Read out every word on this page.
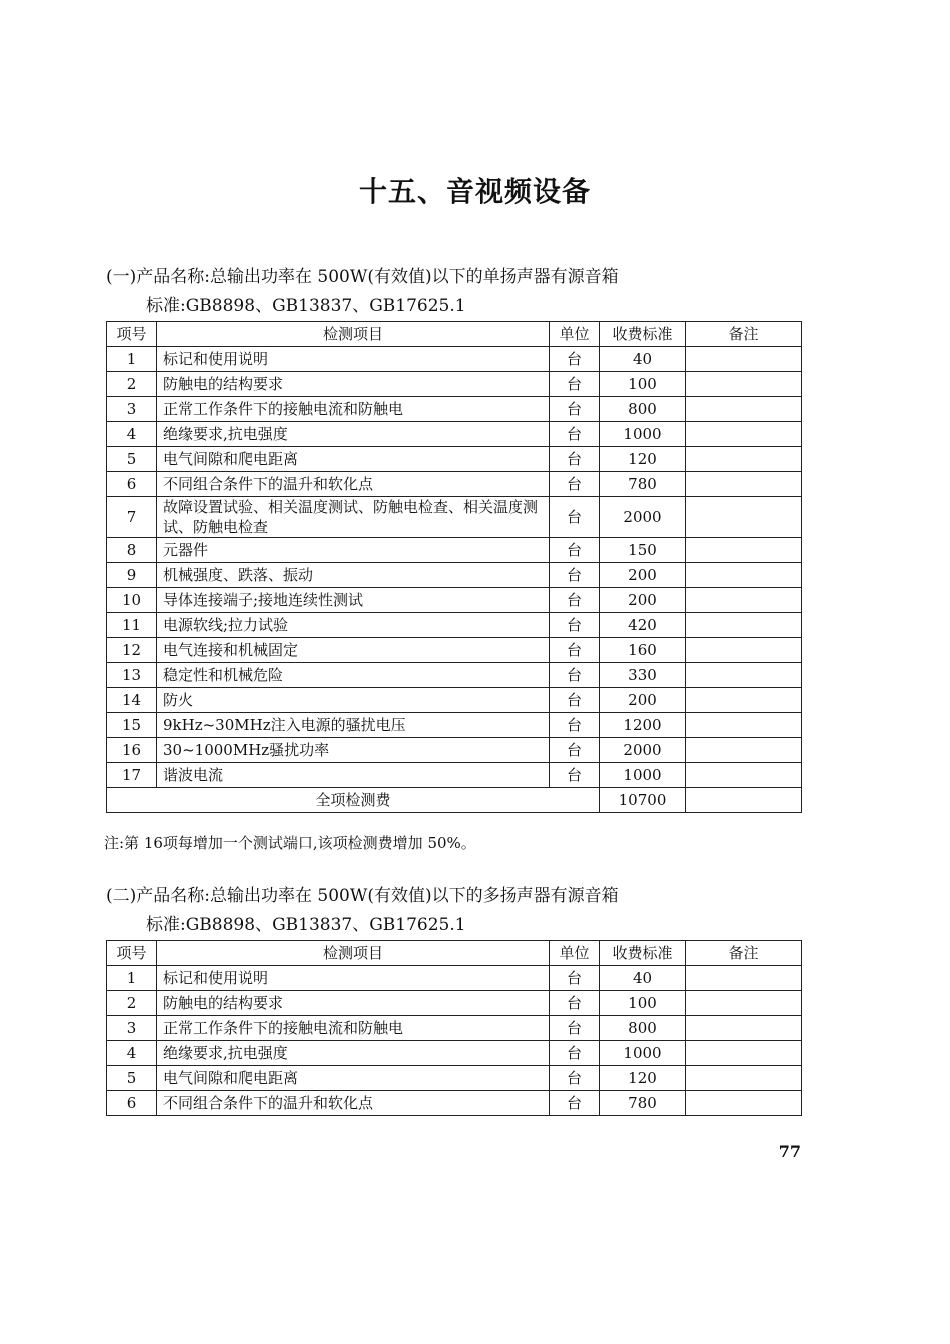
十五、音视频设备
(一)产品名称:总输出功率在 500W(有效值)以下的单扬声器有源音箱
标准:GB8898、GB13837、GB17625.1
项号	检测项目	单位	收费标准	备注
1	标记和使用说明	台	40	
2	防触电的结构要求	台	100	
3	正常工作条件下的接触电流和防触电	台	800	
4	绝缘要求,抗电强度	台	1000	
5	电气间隙和爬电距离	台	120	
6	不同组合条件下的温升和软化点	台	780	
7	故障设置试验、相关温度测试、防触电检查、相关温度测试、防触电检查	台	2000	
8	元器件	台	150	
9	机械强度、跌落、振动	台	200	
10	导体连接端子;接地连续性测试	台	200	
11	电源软线;拉力试验	台	420	
12	电气连接和机械固定	台	160	
13	稳定性和机械危险	台	330	
14	防火	台	200	
15	9kHz~30MHz注入电源的骚扰电压	台	1200	
16	30~1000MHz骚扰功率	台	2000	
17	谐波电流	台	1000	
全项检测费			10700	
注:第 16项每增加一个测试端口,该项检测费增加 50%。
(二)产品名称:总输出功率在 500W(有效值)以下的多扬声器有源音箱
标准:GB8898、GB13837、GB17625.1
项号	检测项目	单位	收费标准	备注
1	标记和使用说明	台	40	
2	防触电的结构要求	台	100	
3	正常工作条件下的接触电流和防触电	台	800	
4	绝缘要求,抗电强度	台	1000	
5	电气间隙和爬电距离	台	120	
6	不同组合条件下的温升和软化点	台	780	
77
